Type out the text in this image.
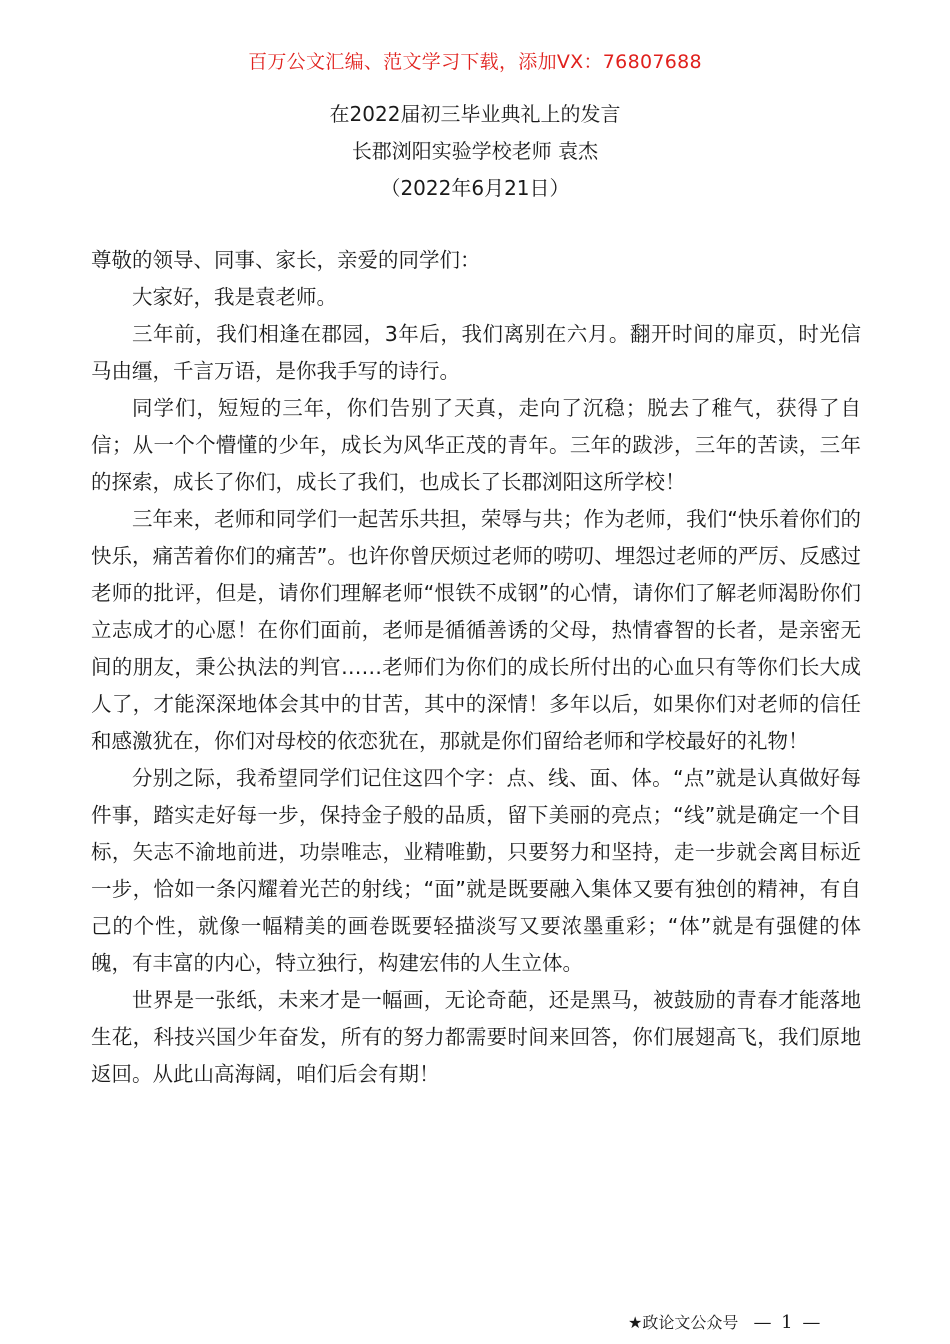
百万公文汇编、范文学习下载，添加VX：76807688
在2022届初三毕业典礼上的发言
长郡浏阳实验学校老师 袁杰
（2022年6月21日）

尊敬的领导、同事、家长，亲爱的同学们：

大家好，我是袁老师。

三年前，我们相逢在郡园，3年后，我们离别在六月。翻开时间的扉页，时光信马由缰，千言万语，是你我手写的诗行。

同学们，短短的三年，你们告别了天真，走向了沉稳；脱去了稚气，获得了自信；从一个个懵懂的少年，成长为风华正茂的青年。三年的跋涉，三年的苦读，三年的探索，成长了你们，成长了我们，也成长了长郡浏阳这所学校！

三年来，老师和同学们一起苦乐共担，荣辱与共；作为老师，我们“快乐着你们的快乐，痛苦着你们的痛苦”。也许你曾厌烦过老师的唠叨、埋怨过老师的严厉、反感过老师的批评，但是，请你们理解老师“恨铁不成钢”的心情，请你们了解老师渴盼你们立志成才的心愿！在你们面前，老师是循循善诱的父母，热情睿智的长者，是亲密无间的朋友，秉公执法的判官……老师们为你们的成长所付出的心血只有等你们长大成人了，才能深深地体会其中的甘苦，其中的深情！多年以后，如果你们对老师的信任和感激犹在，你们对母校的依恋犹在，那就是你们留给老师和学校最好的礼物！

分别之际，我希望同学们记住这四个字：点、线、面、体。“点”就是认真做好每件事，踏实走好每一步，保持金子般的品质，留下美丽的亮点；“线”就是确定一个目标，矢志不渝地前进，功崇唯志，业精唯勤，只要努力和坚持，走一步就会离目标近一步，恰如一条闪耀着光芒的射线；“面”就是既要融入集体又要有独创的精神，有自己的个性，就像一幅精美的画卷既要轻描淡写又要浓墨重彩；“体”就是有强健的体魄，有丰富的内心，特立独行，构建宏伟的人生立体。

世界是一张纸，未来才是一幅画，无论奇葩，还是黑马，被鼓励的青春才能落地生花，科技兴国少年奋发，所有的努力都需要时间来回答，你们展翅高飞，我们原地返回。从此山高海阔，咱们后会有期！

★政论文公众号 — 1 —
